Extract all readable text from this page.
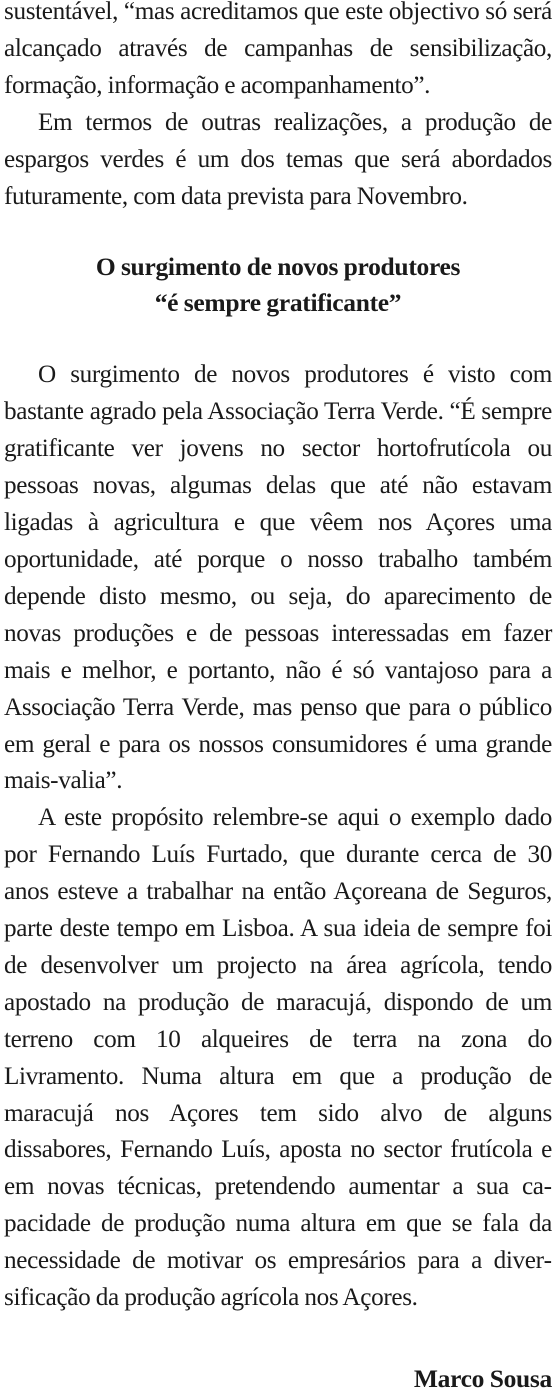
sustentável, “mas acreditamos que este objectivo só será alcançado através de campanhas de sensibilização, formação, informação e acompanhamento”.

Em termos de outras realizações, a produção de espargos verdes é um dos temas que será abordados futuramente, com data prevista para Novembro.

O surgimento de novos produtores
“é sempre gratificante”

O surgimento de novos produtores é visto com bastante agrado pela Associação Terra Verde. “É sempre gratificante ver jovens no sector hortofrutícola ou pessoas novas, algumas delas que até não estavam ligadas à agricultura e que vêem nos Açores uma oportunidade, até porque o nosso trabalho também depende disto mesmo, ou seja, do aparecimento de novas produções e de pessoas interessadas em fazer mais e melhor, e portanto, não é só vantajoso para a Associação Terra Verde, mas penso que para o público em geral e para os nossos consumidores é uma grande mais-valia”.

A este propósito relembre-se aqui o exemplo dado por Fernando Luís Furtado, que durante cerca de 30 anos esteve a trabalhar na então Açoreana de Seguros, parte deste tempo em Lisboa. A sua ideia de sempre foi de desenvolver um projecto na área agrícola, tendo apostado na produção de maracujá, dispondo de um terreno com 10 alqueires de terra na zona do Livramento. Numa altura em que a produção de maracujá nos Açores tem sido alvo de alguns dissabores, Fernando Luís, aposta no sector frutícola e em novas técnicas, pretendendo aumentar a sua capacidade de produção numa altura em que se fala da necessidade de motivar os empresários para a diversificação da produção agrícola nos Açores.

Marco Sousa
